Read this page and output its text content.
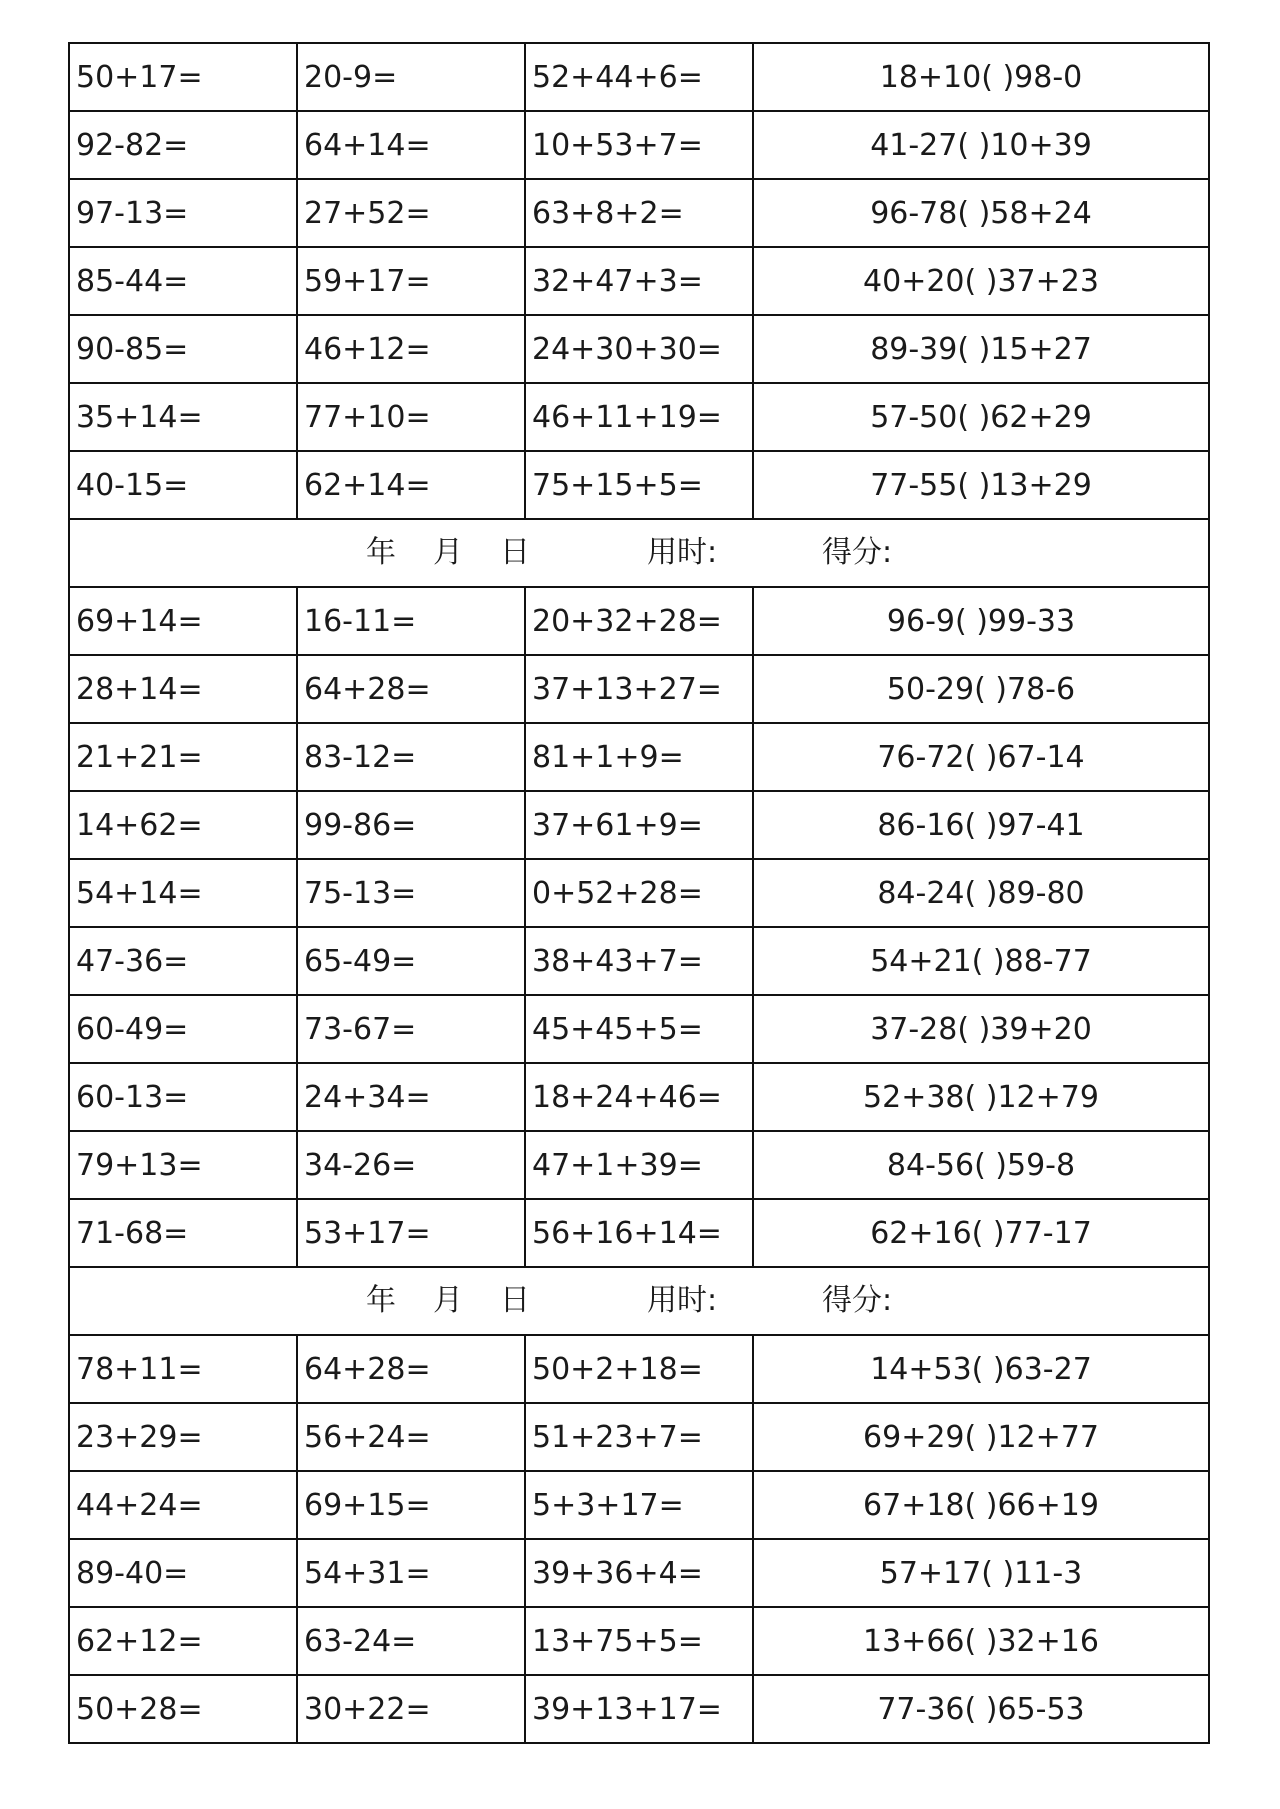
50+17=	20-9=	52+44+6=	18+10( )98-0
92-82=	64+14=	10+53+7=	41-27( )10+39
97-13=	27+52=	63+8+2=	96-78( )58+24
85-44=	59+17=	32+47+3=	40+20( )37+23
90-85=	46+12=	24+30+30=	89-39( )15+27
35+14=	77+10=	46+11+19=	57-50( )62+29
40-15=	62+14=	75+15+5=	77-55( )13+29

年 月 日 用时: 得分:			

69+14=	16-11=	20+32+28=	96-9( )99-33
28+14=	64+28=	37+13+27=	50-29( )78-6
21+21=	83-12=	81+1+9=	76-72( )67-14
14+62=	99-86=	37+61+9=	86-16( )97-41
54+14=	75-13=	0+52+28=	84-24( )89-80
47-36=	65-49=	38+43+7=	54+21( )88-77
60-49=	73-67=	45+45+5=	37-28( )39+20
60-13=	24+34=	18+24+46=	52+38( )12+79
79+13=	34-26=	47+1+39=	84-56( )59-8
71-68=	53+17=	56+16+14=	62+16( )77-17

年 月 日 用时: 得分:			

78+11=	64+28=	50+2+18=	14+53( )63-27
23+29=	56+24=	51+23+7=	69+29( )12+77
44+24=	69+15=	5+3+17=	67+18( )66+19
89-40=	54+31=	39+36+4=	57+17( )11-3
62+12=	63-24=	13+75+5=	13+66( )32+16
50+28=	30+22=	39+13+17=	77-36( )65-53
